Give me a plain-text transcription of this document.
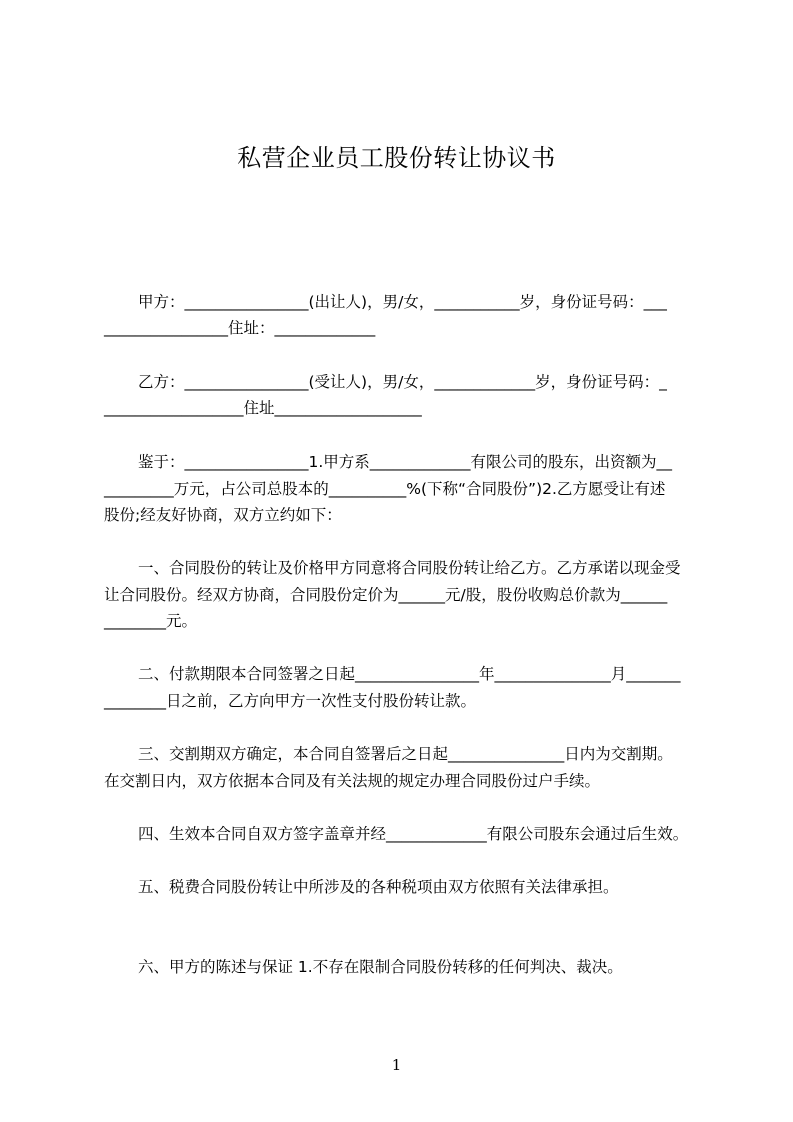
私营企业员工股份转让协议书
甲方：________________(出让人)，男/女，___________岁，身份证号码：___
________________住址：_____________
乙方：________________(受让人)，男/女，_____________岁，身份证号码：_
__________________住址___________________
鉴于：________________1.甲方系_____________有限公司的股东，出资额为__
_________万元，占公司总股本的__________%(下称“合同股份”)2.乙方愿受让有述
股份;经友好协商，双方立约如下：
一、合同股份的转让及价格甲方同意将合同股份转让给乙方。乙方承诺以现金受
让合同股份。经双方协商，合同股份定价为______元/股，股份收购总价款为______
________元。
二、付款期限本合同签署之日起________________年_______________月_______
________日之前，乙方向甲方一次性支付股份转让款。
三、交割期双方确定，本合同自签署后之日起_______________日内为交割期。
在交割日内，双方依据本合同及有关法规的规定办理合同股份过户手续。
四、生效本合同自双方签字盖章并经_____________有限公司股东会通过后生效。
五、税费合同股份转让中所涉及的各种税项由双方依照有关法律承担。
六、甲方的陈述与保证 1.不存在限制合同股份转移的任何判决、裁决。
1
